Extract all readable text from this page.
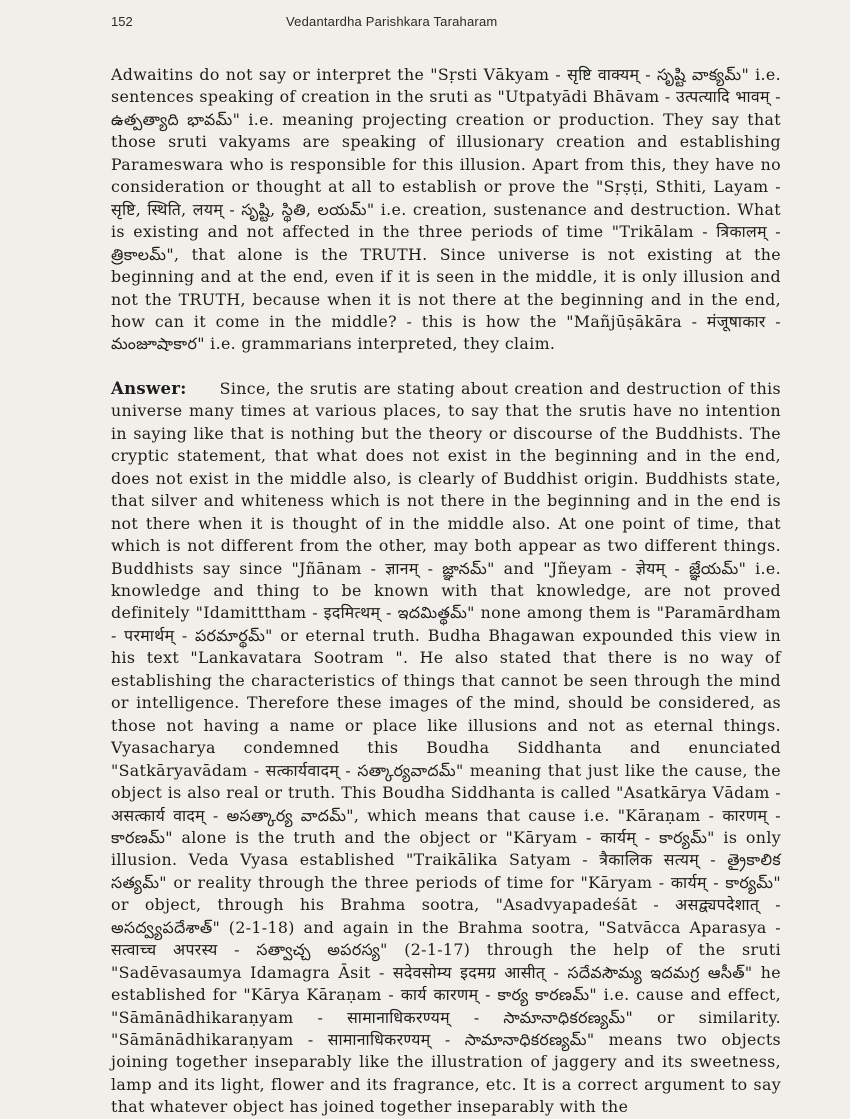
152	Vedantardha Parishkara Taraharam

Adwaitins do not say or interpret the "Sṛsti Vākyam - सृष्टि वाक्यम् - సృష్టి వాక్యమ్" i.e. sentences speaking of creation in the sruti as "Utpatyādi Bhāvam - उत्पत्यादि भावम् - ఉత్పత్యాది భావమ్" i.e. meaning projecting creation or production. They say that those sruti vakyams are speaking of illusionary creation and establishing Parameswara who is responsible for this illusion. Apart from this, they have no consideration or thought at all to establish or prove the "Sṛṣṭi, Sthiti, Layam - सृष्टि, स्थिति, लयम् - సృష్టి, స్థితి, లయమ్" i.e. creation, sustenance and destruction. What is existing and not affected in the three periods of time "Trikālam - त्रिकालम् - త్రికాలమ్", that alone is the TRUTH. Since universe is not existing at the beginning and at the end, even if it is seen in the middle, it is only illusion and not the TRUTH, because when it is not there at the beginning and in the end, how can it come in the middle? - this is how the "Mañjūṣākāra - मंजूषाकार - మంజూషాకార" i.e. grammarians interpreted, they claim.

Answer:     Since, the srutis are stating about creation and destruction of this universe many times at various places, to say that the srutis have no intention in saying like that is nothing but the theory or discourse of the Buddhists. The cryptic statement, that what does not exist in the beginning and in the end, does not exist in the middle also, is clearly of Buddhist origin. Buddhists state, that silver and whiteness which is not there in the beginning and in the end is not there when it is thought of in the middle also. At one point of time, that which is not different from the other, may both appear as two different things. Buddhists say since "Jñānam - ज्ञानम् - జ్ఞానమ్" and "Jñeyam - ज्ञेयम् - జ్ఞేయమ్" i.e. knowledge and thing to be known with that knowledge, are not proved definitely "Idamitttham - इदमित्थम् - ఇదమిత్థమ్" none among them is "Paramārdham - परमार्थम् - పరమార్థమ్" or eternal truth. Budha Bhagawan expounded this view in his text "Lankavatara Sootram ". He also stated that there is no way of establishing the characteristics of things that cannot be seen through the mind or intelligence. Therefore these images of the mind, should be considered, as those not having a name or place like illusions and not as eternal things. Vyasacharya condemned this Boudha Siddhanta and enunciated "Satkāryavādam - सत्कार्यवादम् - సత్కార్యవాదమ్" meaning that just like the cause, the object is also real or truth. This Boudha Siddhanta is called "Asatkārya Vādam - असत्कार्य वादम् - అసత్కార్య వాదమ్", which means that cause i.e. "Kāraṇam - कारणम् - కారణమ్" alone is the truth and the object or "Kāryam - कार्यम् - కార్యమ్" is only illusion. Veda Vyasa established "Traikālika Satyam - त्रैकालिक सत्यम् - త్రైకాలిక సత్యమ్" or reality through the three periods of time for "Kāryam - कार्यम् - కార్యమ్" or object, through his Brahma sootra, "Asadvyapadeśāt - असद्व्यपदेशात् - అసద్వ్యపదేశాత్" (2-1-18) and again in the Brahma sootra, "Satvācca Aparasya - सत्वाच्च अपरस्य - సత్వాచ్చ అపరస్య" (2-1-17) through the help of the sruti "Sadēvasaumya Idamagra Āsit - सदेवसोम्य इदमग्र आसीत् - సదేవసౌమ్య ఇదమగ్ర ఆసీత్" he established for "Kārya Kāraṇam - कार्य कारणम् - కార్య కారణమ్" i.e. cause and effect, "Sāmānādhikaraṇyam - सामानाधिकरण्यम् - సామానాధికరణ్యమ్" or similarity. "Sāmānādhikaraṇyam - सामानाधिकरण्यम् - సామానాధికరణ్యమ్" means two objects joining together inseparably like the illustration of jaggery and its sweetness, lamp and its light, flower and its fragrance, etc. It is a correct argument to say that whatever object has joined together inseparably with the
